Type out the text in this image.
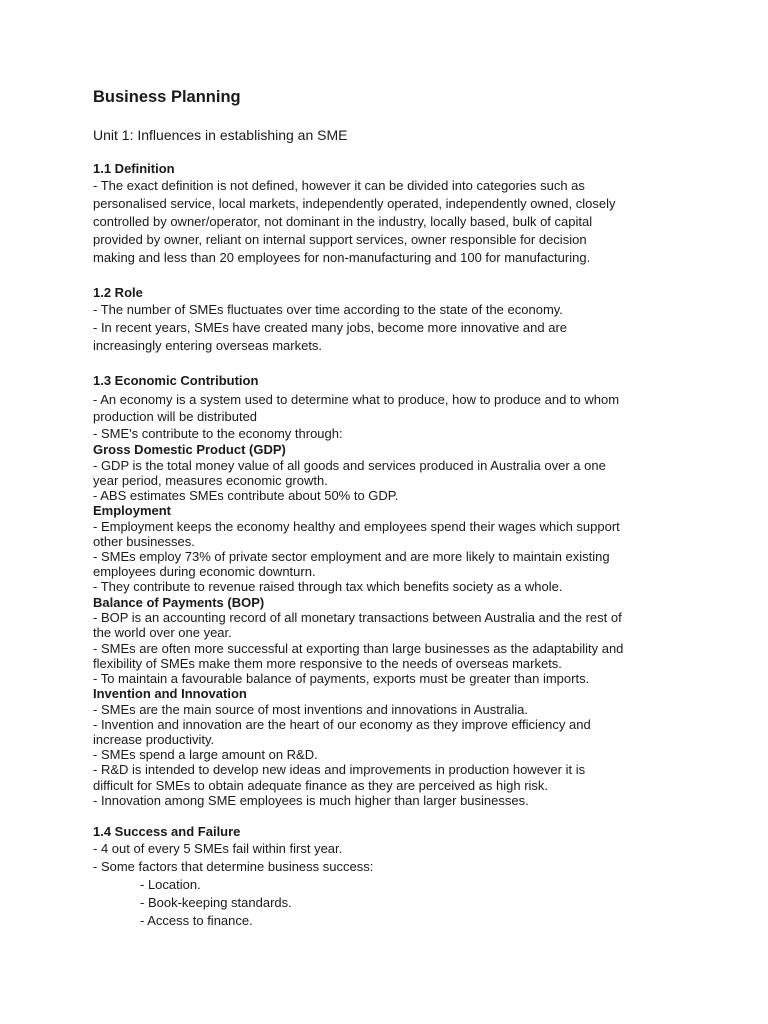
Business Planning

Unit 1: Influences in establishing an SME

1.1 Definition

- The exact definition is not defined, however it can be divided into categories such as

personalised service, local markets, independently operated, independently owned, closely

controlled by owner/operator, not dominant in the industry, locally based, bulk of capital

provided by owner, reliant on internal support services, owner responsible for decision

making and less than 20 employees for non-manufacturing and 100 for manufacturing.

1.2 Role

- The number of SMEs fluctuates over time according to the state of the economy.

- In recent years, SMEs have created many jobs, become more innovative and are

increasingly entering overseas markets.

1.3 Economic Contribution

- An economy is a system used to determine what to produce, how to produce and to whom

production will be distributed

- SME's contribute to the economy through:

Gross Domestic Product (GDP)

- GDP is the total money value of all goods and services produced in Australia over a one

year period, measures economic growth.

- ABS estimates SMEs contribute about 50% to GDP.

Employment

- Employment keeps the economy healthy and employees spend their wages which support

other businesses.

- SMEs employ 73% of private sector employment and are more likely to maintain existing

employees during economic downturn.

- They contribute to revenue raised through tax which benefits society as a whole.

Balance of Payments (BOP)

- BOP is an accounting record of all monetary transactions between Australia and the rest of

the world over one year.

- SMEs are often more successful at exporting than large businesses as the adaptability and

flexibility of SMEs make them more responsive to the needs of overseas markets.

- To maintain a favourable balance of payments, exports must be greater than imports.

Invention and Innovation

- SMEs are the main source of most inventions and innovations in Australia.

- Invention and innovation are the heart of our economy as they improve efficiency and

increase productivity.

- SMEs spend a large amount on R&D.

- R&D is intended to develop new ideas and improvements in production however it is

difficult for SMEs to obtain adequate finance as they are perceived as high risk.

- Innovation among SME employees is much higher than larger businesses.

1.4 Success and Failure

- 4 out of every 5 SMEs fail within first year.

- Some factors that determine business success:

- Location.

- Book-keeping standards.

- Access to finance.
